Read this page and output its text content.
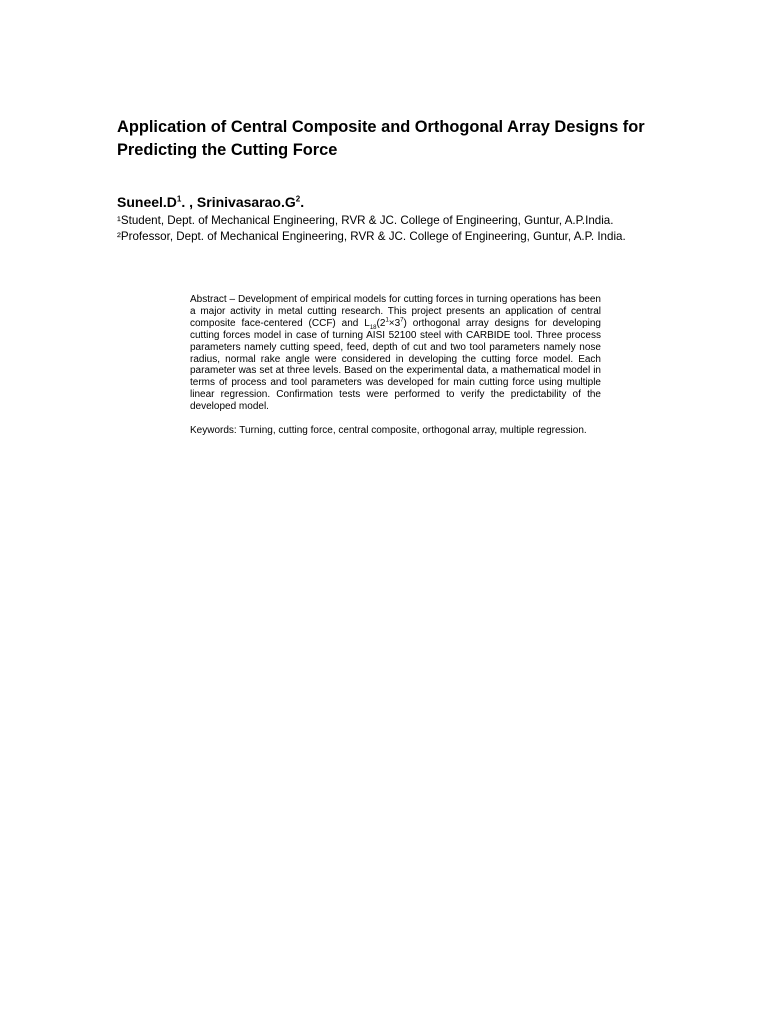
Application of Central Composite and Orthogonal Array Designs for Predicting the Cutting Force
$Suneel.D^1$. , $Srinivasarao.G^2$.

¹Student, Dept. of Mechanical Engineering, RVR & JC. College of Engineering, Guntur, A.P.India.

²Professor, Dept. of Mechanical Engineering, RVR & JC. College of Engineering, Guntur, A.P. India.

Abstract – Development of empirical models for cutting forces in turning operations has been a major activity in metal cutting research. This project presents an application of central composite face-centered (CCF) and $L_{18}(2^1\times 3^7)$ orthogonal array designs for developing cutting forces model in case of turning AISI 52100 steel with CARBIDE tool. Three process parameters namely cutting speed, feed, depth of cut and two tool parameters namely nose radius, normal rake angle were considered in developing the cutting force model. Each parameter was set at three levels. Based on the experimental data, a mathematical model in terms of process and tool parameters was developed for main cutting force using multiple linear regression. Confirmation tests were performed to verify the predictability of the developed model.

Keywords: Turning, cutting force, central composite, orthogonal array, multiple regression.
